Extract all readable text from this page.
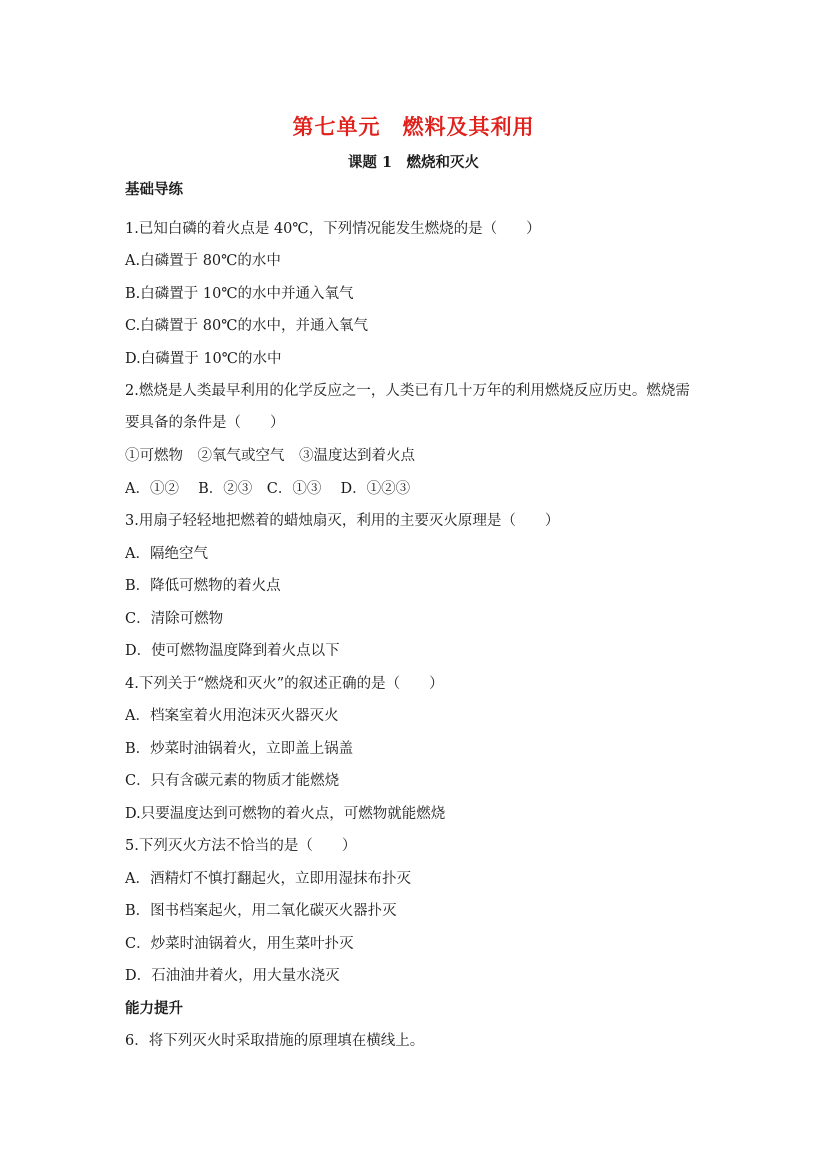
第七单元　燃料及其利用
课题 1　燃烧和灭火
基础导练
1.已知白磷的着火点是 40℃，下列情况能发生燃烧的是（　　）
A.白磷置于 80℃的水中
B.白磷置于 10℃的水中并通入氧气
C.白磷置于 80℃的水中，并通入氧气
D.白磷置于 10℃的水中
2.燃烧是人类最早利用的化学反应之一，人类已有几十万年的利用燃烧反应历史。燃烧需
要具备的条件是（　　）
①可燃物　②氧气或空气　③温度达到着火点
A．①②　 B．②③　C．①③　 D．①②③
3.用扇子轻轻地把燃着的蜡烛扇灭，利用的主要灭火原理是（　　）
A．隔绝空气
B．降低可燃物的着火点
C．清除可燃物
D．使可燃物温度降到着火点以下
4.下列关于“燃烧和灭火”的叙述正确的是（　　）
A．档案室着火用泡沫灭火器灭火
B．炒菜时油锅着火，立即盖上锅盖
C．只有含碳元素的物质才能燃烧
D.只要温度达到可燃物的着火点，可燃物就能燃烧
5.下列灭火方法不恰当的是（　　）
A．酒精灯不慎打翻起火，立即用湿抹布扑灭
B．图书档案起火，用二氧化碳灭火器扑灭
C．炒菜时油锅着火，用生菜叶扑灭
D．石油油井着火，用大量水浇灭
能力提升
6．将下列灭火时采取措施的原理填在横线上。
